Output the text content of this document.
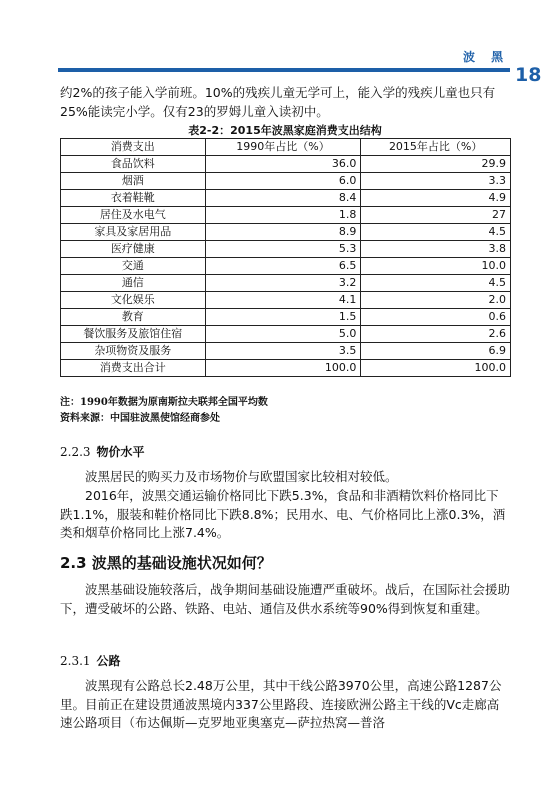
波 黑
18

约2%的孩子能入学前班。10%的残疾儿童无学可上，能入学的残疾儿童也只有25%能读完小学。仅有23的罗姆儿童入读初中。

表2-2：2015年波黑家庭消费支出结构
消费支出	1990年占比（%）	2015年占比（%）
食品饮料	36.0	29.9
烟酒	6.0	3.3
衣着鞋靴	8.4	4.9
居住及水电气	1.8	27
家具及家居用品	8.9	4.5
医疗健康	5.3	3.8
交通	6.5	10.0
通信	3.2	4.5
文化娱乐	4.1	2.0
教育	1.5	0.6
餐饮服务及旅馆住宿	5.0	2.6
杂项物资及服务	3.5	6.9
消费支出合计	100.0	100.0
注：1990年数据为原南斯拉夫联邦全国平均数
资料来源：中国驻波黑使馆经商参处
2.2.3 物价水平

波黑居民的购买力及市场物价与欧盟国家比较相对较低。

2016年，波黑交通运输价格同比下跌5.3%，食品和非酒精饮料价格同比下跌1.1%，服装和鞋价格同比下跌8.8%；民用水、电、气价格同比上涨0.3%，酒类和烟草价格同比上涨7.4%。

2.3 波黑的基础设施状况如何？

波黑基础设施较落后，战争期间基础设施遭严重破坏。战后，在国际社会援助下，遭受破坏的公路、铁路、电站、通信及供水系统等90%得到恢复和重建。

2.3.1 公路

波黑现有公路总长2.48万公里，其中干线公路3970公里，高速公路1287公里。目前正在建设贯通波黑境内337公里路段、连接欧洲公路主干线的Vc走廊高速公路项目（布达佩斯—克罗地亚奥塞克—萨拉热窝—普洛
